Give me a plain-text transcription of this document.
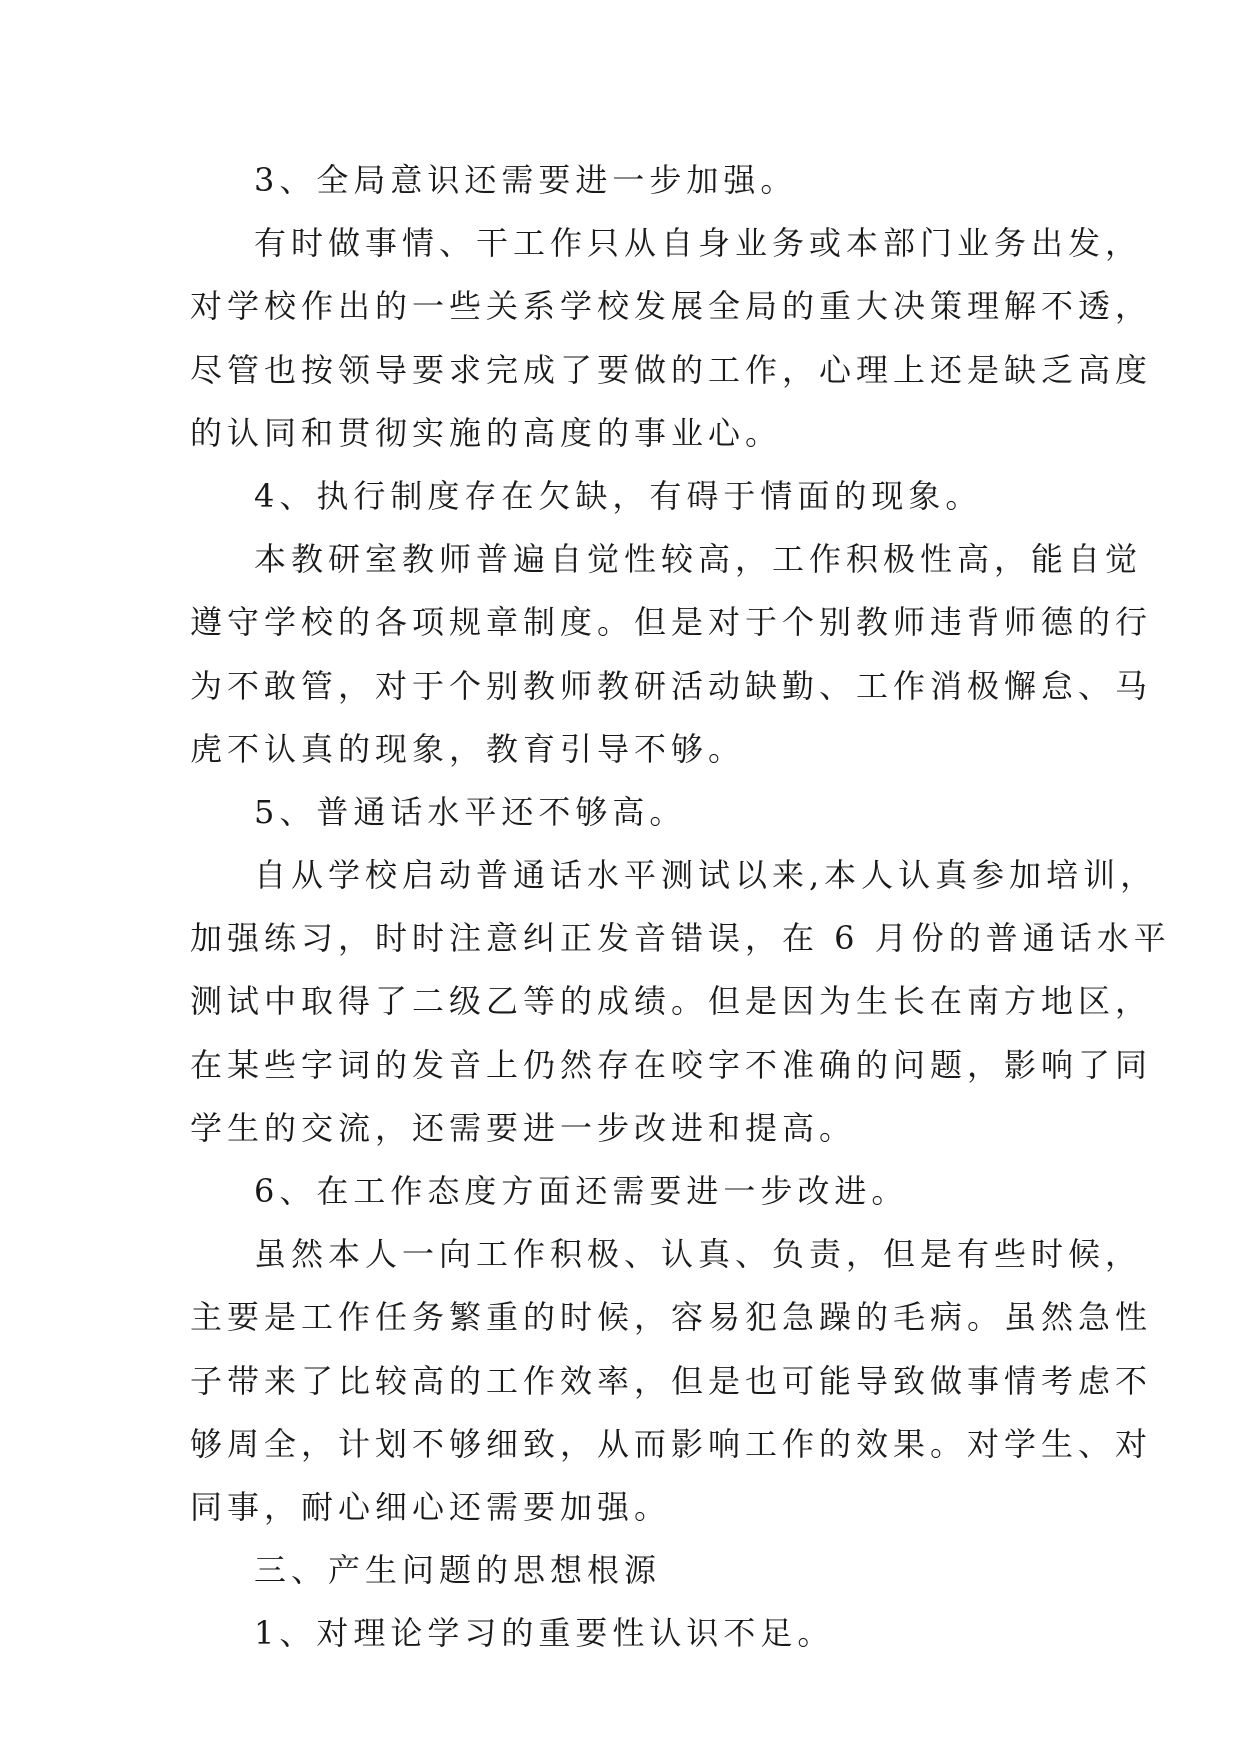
3、全局意识还需要进一步加强。
有时做事情、干工作只从自身业务或本部门业务出发，
对学校作出的一些关系学校发展全局的重大决策理解不透，
尽管也按领导要求完成了要做的工作，心理上还是缺乏高度
的认同和贯彻实施的高度的事业心。
4、执行制度存在欠缺，有碍于情面的现象。
本教研室教师普遍自觉性较高，工作积极性高，能自觉
遵守学校的各项规章制度。但是对于个别教师违背师德的行
为不敢管，对于个别教师教研活动缺勤、工作消极懈怠、马
虎不认真的现象，教育引导不够。
5、普通话水平还不够高。
自从学校启动普通话水平测试以来,本人认真参加培训，
加强练习，时时注意纠正发音错误，在 6 月份的普通话水平
测试中取得了二级乙等的成绩。但是因为生长在南方地区，
在某些字词的发音上仍然存在咬字不准确的问题，影响了同
学生的交流，还需要进一步改进和提高。
6、在工作态度方面还需要进一步改进。
虽然本人一向工作积极、认真、负责，但是有些时候，
主要是工作任务繁重的时候，容易犯急躁的毛病。虽然急性
子带来了比较高的工作效率，但是也可能导致做事情考虑不
够周全，计划不够细致，从而影响工作的效果。对学生、对
同事，耐心细心还需要加强。
三、产生问题的思想根源
1、对理论学习的重要性认识不足。
